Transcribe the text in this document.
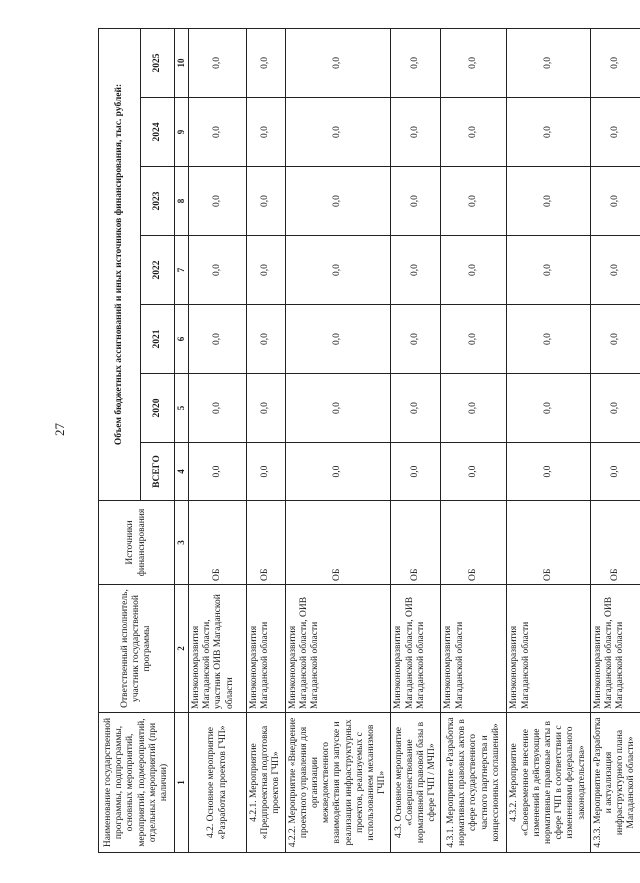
27
Наименование государственной программы, подпрограммы, основных мероприятий, мероприятий, подмероприятий, отдельных мероприятий (при наличии)	Ответственный исполнитель, участник государственной программы	Источники финансирования	Объем бюджетных ассигнований и иных источников финансирования, тыс. рублей:						
			ВСЕГО	2020	2021	2022	2023	2024	2025
1	2	3	4	5	6	7	8	9	10
4.2. Основное мероприятие «Разработка проектов ГЧП»	Минэкономразвития Магаданской области, участник ОИВ Магаданской области	ОБ	0,0	0,0	0,0	0,0	0,0	0,0	0,0
4.2.1. Мероприятие «Предпроектная подготовка проектов ГЧП»	Минэкономразвития Магаданской области	ОБ	0,0	0,0	0,0	0,0	0,0	0,0	0,0
4.2.2. Мероприятие «Внедрение проектного управления для организации межведомственного взаимодействия при запуске и реализации инфраструктурных проектов, реализуемых с использованием механизмов ГЧП»	Минэкономразвития Магаданской области, ОИВ Магаданской области	ОБ	0,0	0,0	0,0	0,0	0,0	0,0	0,0
4.3. Основное мероприятие «Совершенствование нормативной правовой базы в сфере ГЧП / МЧП»	Минэкономразвития Магаданской области, ОИВ Магаданской области	ОБ	0,0	0,0	0,0	0,0	0,0	0,0	0,0
4.3.1. Мероприятие «Разработка нормативных правовых актов в сфере государственного частного партнерства и концессионных соглашений»	Минэкономразвития Магаданской области	ОБ	0,0	0,0	0,0	0,0	0,0	0,0	0,0
4.3.2. Мероприятие «Своевременное внесение изменений в действующие нормативные правовые акты в сфере ГЧП в соответствии с изменениями федерального законодательства»	Минэкономразвития Магаданской области	ОБ	0,0	0,0	0,0	0,0	0,0	0,0	0,0
4.3.3. Мероприятие «Разработка и актуализация инфраструктурного плана Магаданской области»	Минэкономразвития Магаданской области, ОИВ Магаданской области	ОБ	0,0	0,0	0,0	0,0	0,0	0,0	0,0
